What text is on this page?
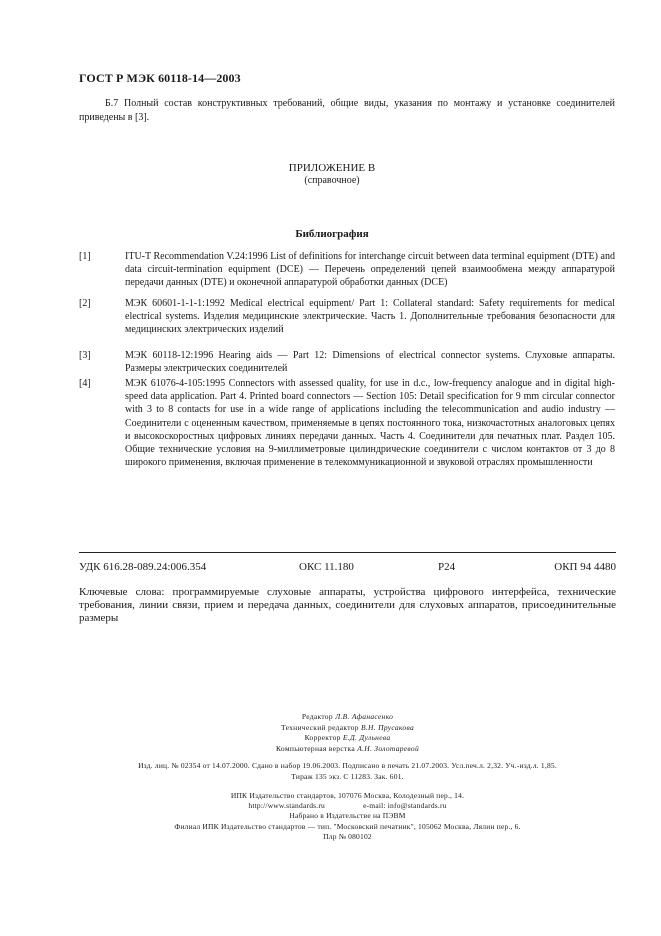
ГОСТ Р МЭК 60118-14—2003
Б.7 Полный состав конструктивных требований, общие виды, указания по монтажу и установке соединителей приведены в [3].
ПРИЛОЖЕНИЕ В
(справочное)
Библиография
[1]	ITU-T Recommendation V.24:1996 List of definitions for interchange circuit between data terminal equipment (DTE) and data circuit-termination equipment (DCE) — Перечень определений цепей взаимообмена между аппаратурой передачи данных (DTE) и оконечной аппаратурой обработки данных (DCE)
[2]	МЭК 60601-1-1-1:1992 Medical electrical equipment/ Part 1: Collateral standard: Safety requirements for medical electrical systems. Изделия медицинские электрические. Часть 1. Дополнительные требования безопасности для медицинских электрических изделий
[3]	МЭК 60118-12:1996 Hearing aids — Part 12: Dimensions of electrical connector systems. Слуховые аппараты. Размеры электрических соединителей
[4]	МЭК 61076-4-105:1995 Connectors with assessed quality, for use in d.c., low-frequency analogue and in digital high-speed data application. Part 4. Printed board connectors — Section 105: Detail specification for 9 mm circular connector with 3 to 8 contacts for use in a wide range of applications including the telecommunication and audio industry — Соединители с оцененным качеством, применяемые в цепях постоянного тока, низкочастотных аналоговых цепях и высокоскоростных цифровых линиях передачи данных. Часть 4. Соединители для печатных плат. Раздел 105. Общие технические условия на 9-миллиметровые цилиндрические соединители с числом контактов от 3 до 8 широкого применения, включая применение в телекоммуникационной и звуковой отраслях промышленности
УДК 616.28-089.24:006.354	ОКС 11.180	Р24	ОКП 94 4480
Ключевые слова: программируемые слуховые аппараты, устройства цифрового интерфейса, технические требования, линии связи, прием и передача данных, соединители для слуховых аппаратов, присоединительные размеры
Редактор Л.В. Афанасенко
Технический редактор В.Н. Прусакова
Корректор Е.Д. Дульнева
Компьютерная верстка А.Н. Золотаревой
Изд. лиц. № 02354 от 14.07.2000. Сдано в набор 19.06.2003. Подписано в печать 21.07.2003. Усл.печ.л. 2,32. Уч.-изд.л. 1,85.
Тираж 135 экз. С 11283. Зак. 601.
ИПК Издательство стандартов, 107076 Москва, Колодезный пер., 14.
http://www.standards.ru	e-mail: info@standards.ru
Набрано в Издательстве на ПЭВМ
Филиал ИПК Издательство стандартов — тип. "Московский печатник", 105062 Москва, Лялин пер., 6.
Плр № 080102
